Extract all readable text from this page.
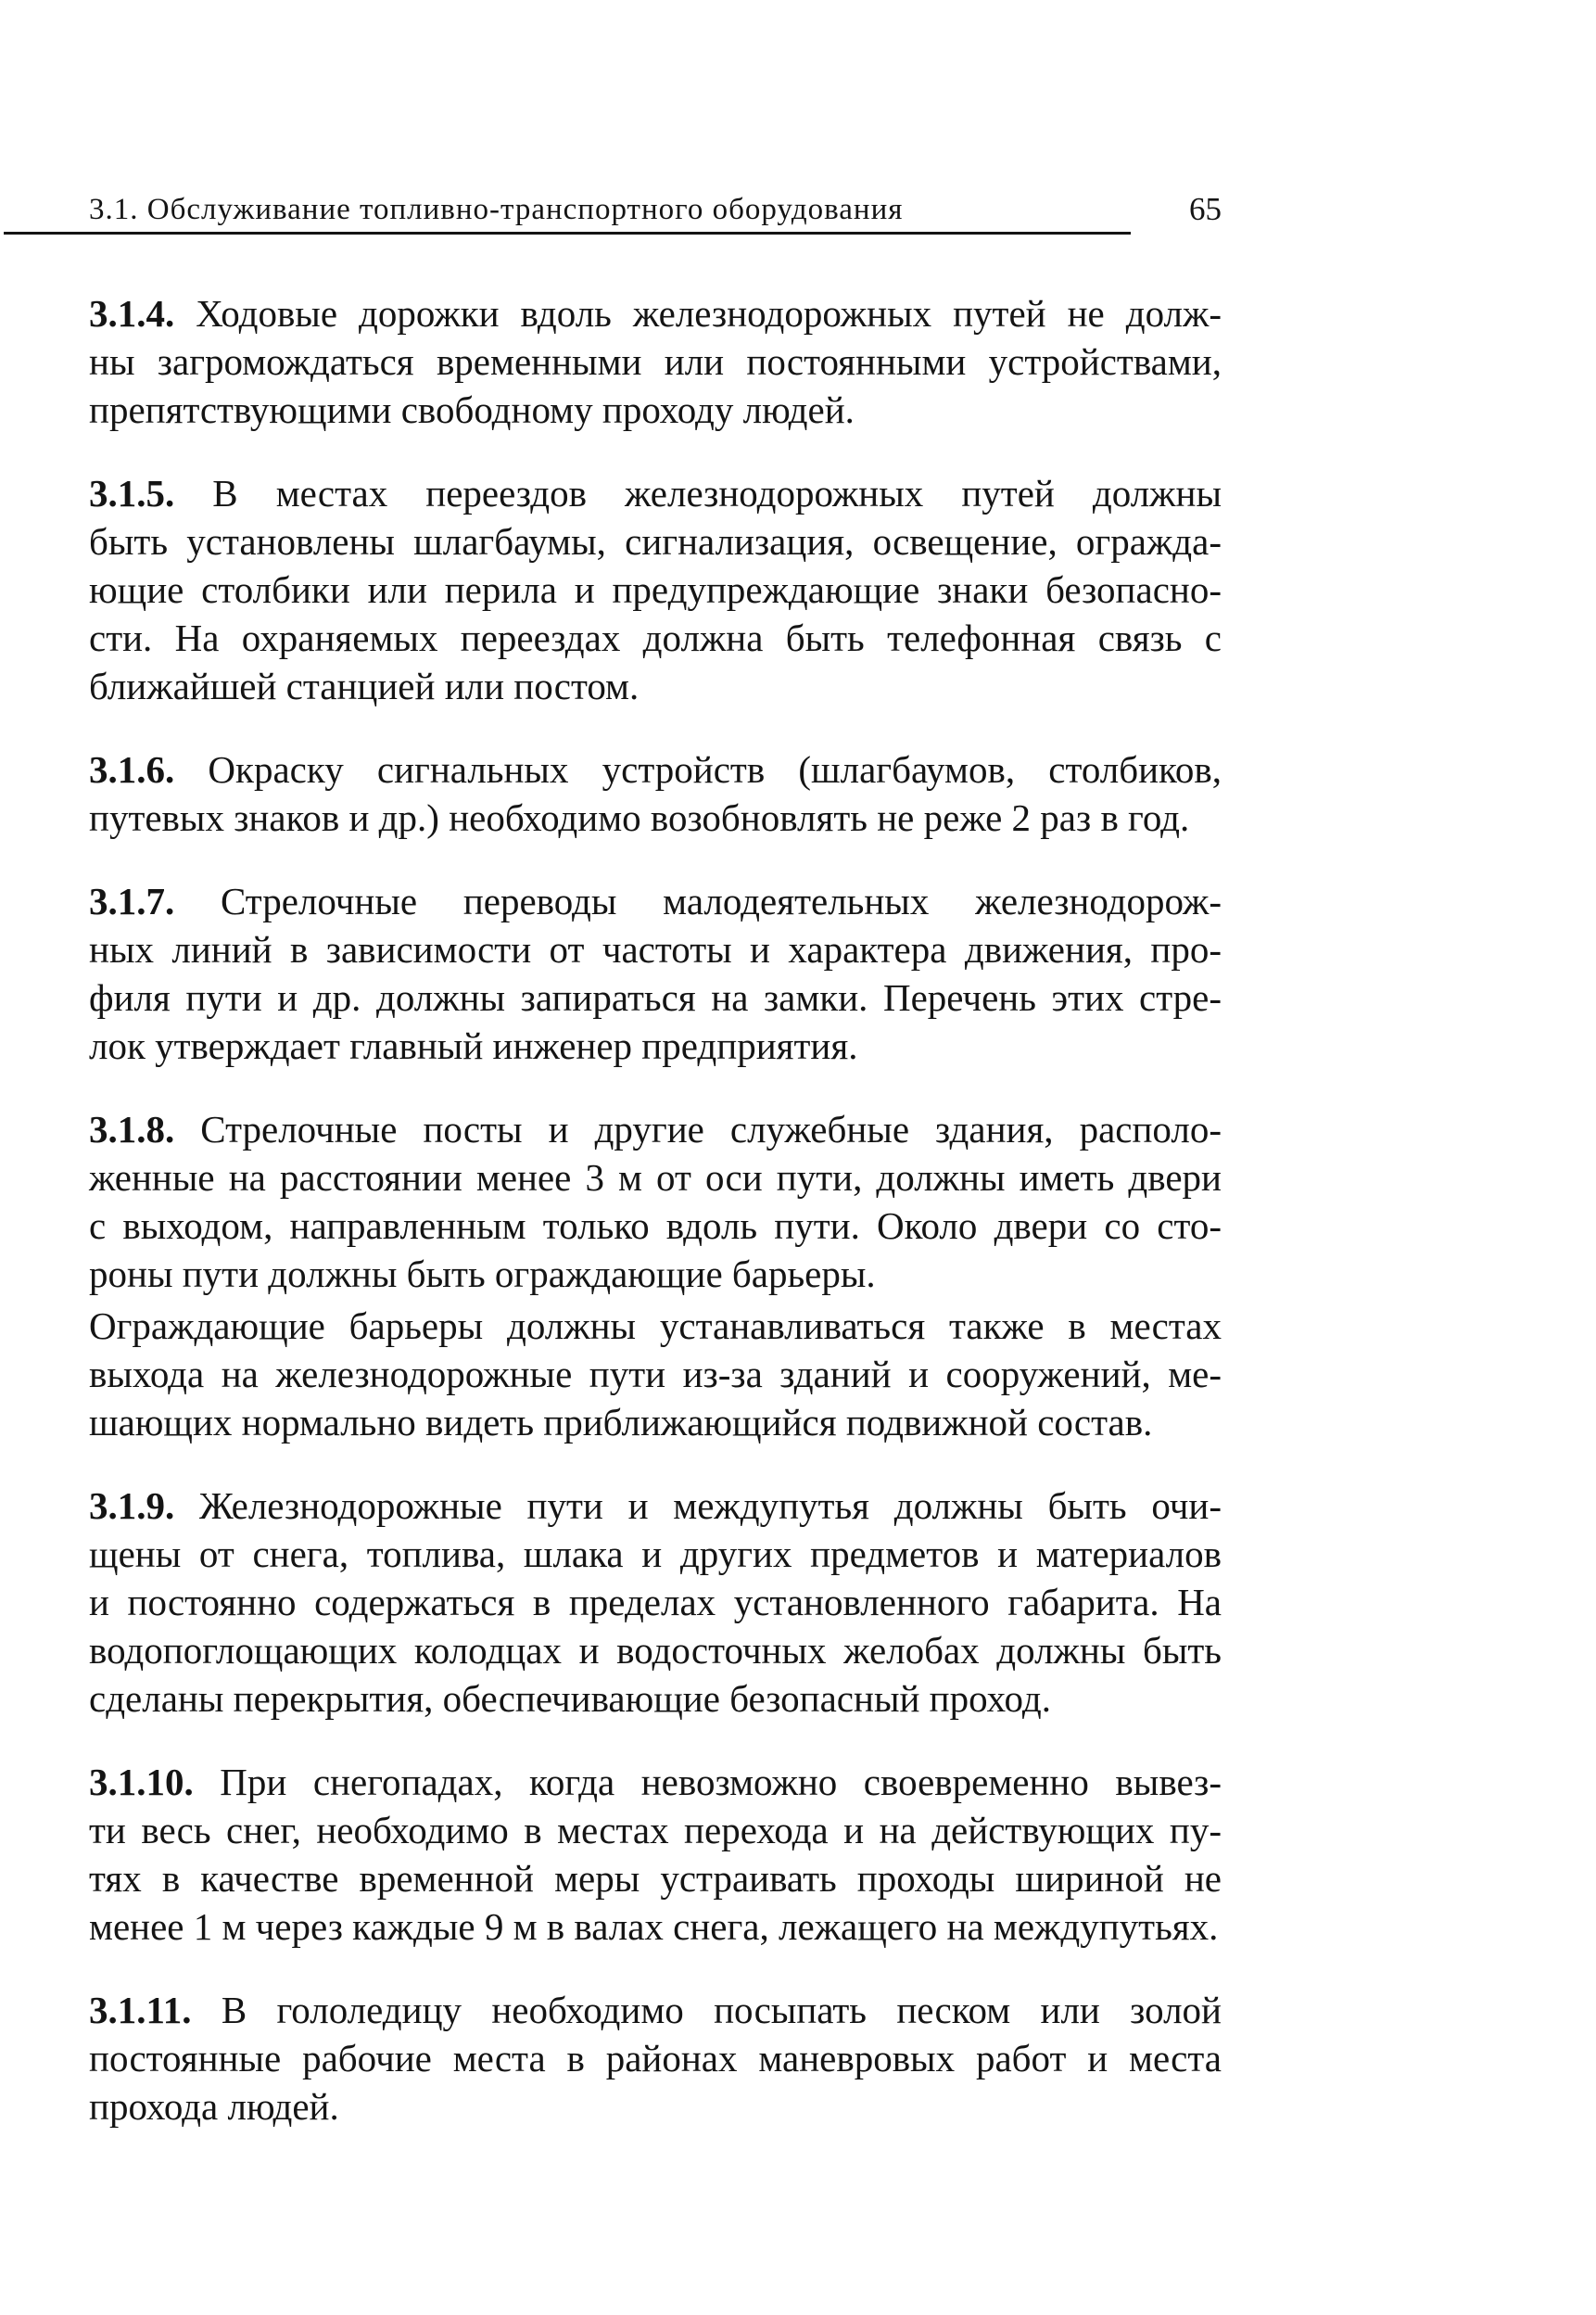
3.1. Обслуживание топливно-транспортного оборудования	65

3.1.4. Ходовые дорожки вдоль железнодорожных путей не долж-
ны загромождаться временными или постоянными устройствами,
препятствующими свободному проходу людей.

3.1.5. В местах переездов железнодорожных путей должны
быть установлены шлагбаумы, сигнализация, освещение, огражда-
ющие столбики или перила и предупреждающие знаки безопасно-
сти. На охраняемых переездах должна быть телефонная связь с
ближайшей станцией или постом.

3.1.6. Окраску сигнальных устройств (шлагбаумов, столбиков,
путевых знаков и др.) необходимо возобновлять не реже 2 раз в год.

3.1.7. Стрелочные переводы малодеятельных железнодорож-
ных линий в зависимости от частоты и характера движения, про-
филя пути и др. должны запираться на замки. Перечень этих стре-
лок утверждает главный инженер предприятия.

3.1.8. Стрелочные посты и другие служебные здания, располо-
женные на расстоянии менее 3 м от оси пути, должны иметь двери
с выходом, направленным только вдоль пути. Около двери со сто-
роны пути должны быть ограждающие барьеры.

Ограждающие барьеры должны устанавливаться также в местах
выхода на железнодорожные пути из-за зданий и сооружений, ме-
шающих нормально видеть приближающийся подвижной состав.

3.1.9. Железнодорожные пути и междупутья должны быть очи-
щены от снега, топлива, шлака и других предметов и материалов
и постоянно содержаться в пределах установленного габарита. На
водопоглощающих колодцах и водосточных желобах должны быть
сделаны перекрытия, обеспечивающие безопасный проход.

3.1.10. При снегопадах, когда невозможно своевременно вывез-
ти весь снег, необходимо в местах перехода и на действующих пу-
тях в качестве временной меры устраивать проходы шириной не
менее 1 м через каждые 9 м в валах снега, лежащего на междупутьях.

3.1.11. В гололедицу необходимо посыпать песком или золой
постоянные рабочие места в районах маневровых работ и места
прохода людей.
